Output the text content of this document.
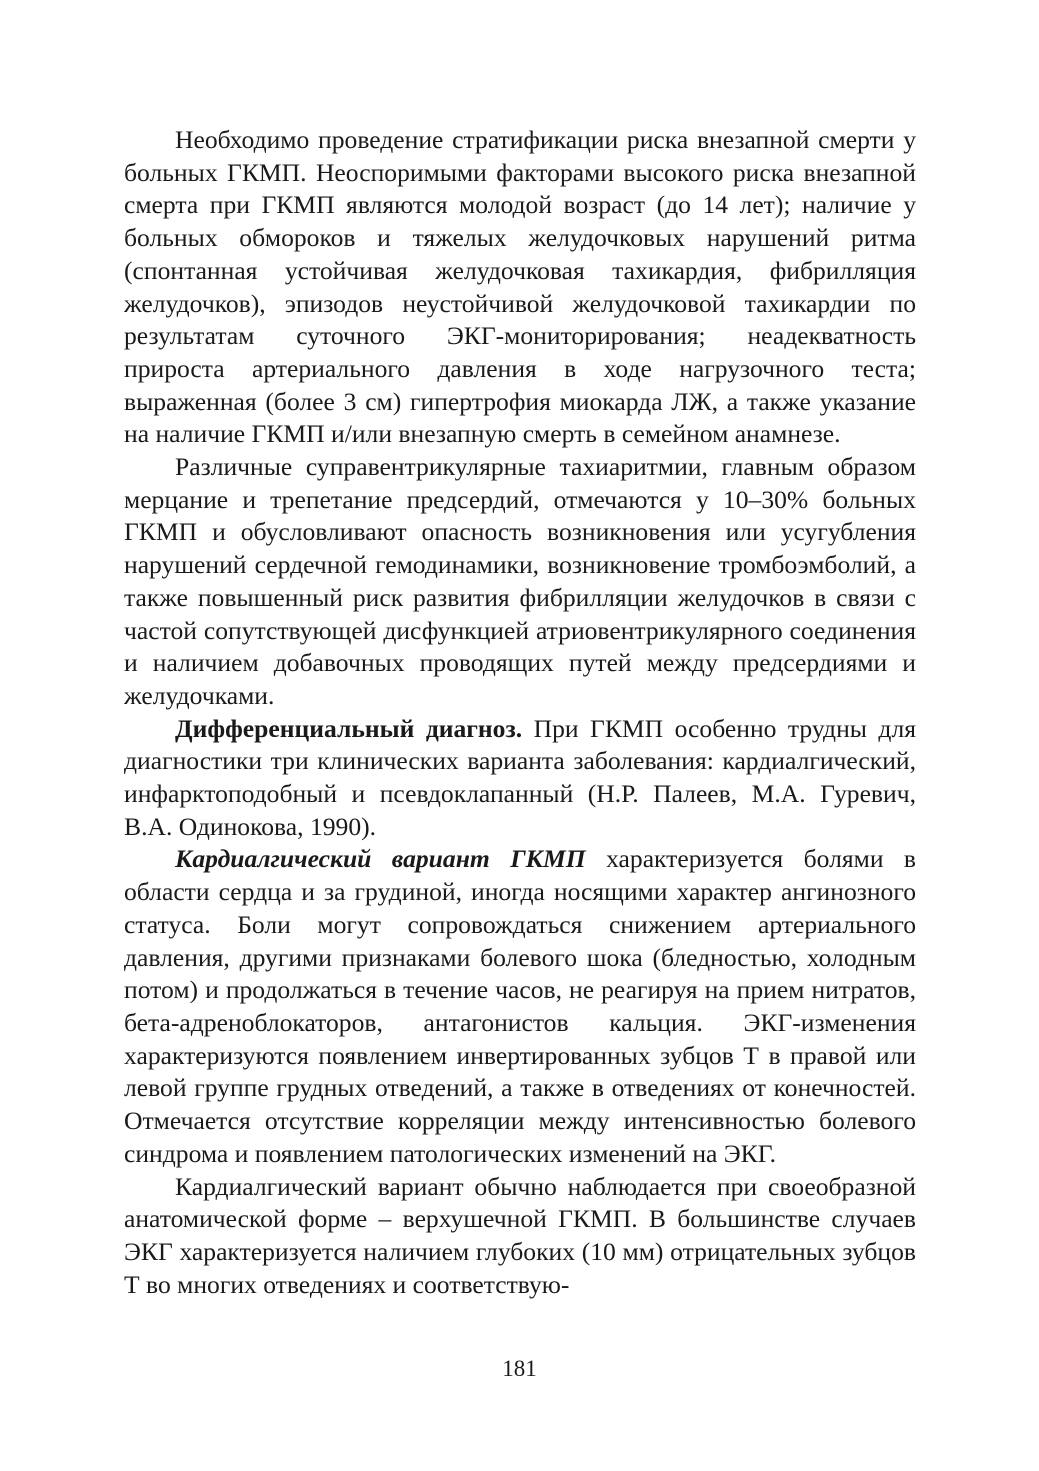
Необходимо проведение стратификации риска внезапной смерти у больных ГКМП. Неоспоримыми факторами высокого риска внезапной смерта при ГКМП являются молодой возраст (до 14 лет); наличие у больных обмороков и тяжелых желудочковых нарушений ритма (спонтанная устойчивая желудочковая тахикардия, фибрилляция желудочков), эпизодов неустойчивой желудочковой тахикардии по результатам суточного ЭКГ-мониторирования; неадекватность прироста артериального давления в ходе нагрузочного теста; выраженная (более 3 см) гипертрофия миокарда ЛЖ, а также указание на наличие ГКМП и/или внезапную смерть в семейном анамнезе.

Различные суправентрикулярные тахиаритмии, главным образом мерцание и трепетание предсердий, отмечаются у 10–30% больных ГКМП и обусловливают опасность возникновения или усугубления нарушений сердечной гемодинамики, возникновение тромбоэмболий, а также повышенный риск развития фибрилляции желудочков в связи с частой сопутствующей дисфункцией атриовентрикулярного соединения и наличием добавочных проводящих путей между предсердиями и желудочками.

Дифференциальный диагноз. При ГКМП особенно трудны для диагностики три клинических варианта заболевания: кардиалгический, инфарктоподобный и псевдоклапанный (Н.Р. Палеев, М.А. Гуревич, В.А. Одинокова, 1990).

Кардиалгический вариант ГКМП характеризуется болями в области сердца и за грудиной, иногда носящими характер ангинозного статуса. Боли могут сопровождаться снижением артериального давления, другими признаками болевого шока (бледностью, холодным потом) и продолжаться в течение часов, не реагируя на прием нитратов, бета-адреноблокаторов, антагонистов кальция. ЭКГ-изменения характеризуются появлением инвертированных зубцов Т в правой или левой группе грудных отведений, а также в отведениях от конечностей. Отмечается отсутствие корреляции между интенсивностью болевого синдрома и появлением патологических изменений на ЭКГ.

Кардиалгический вариант обычно наблюдается при своеобразной анатомической форме – верхушечной ГКМП. В большинстве случаев ЭКГ характеризуется наличием глубоких (10 мм) отрицательных зубцов Т во многих отведениях и соответствую-

181
